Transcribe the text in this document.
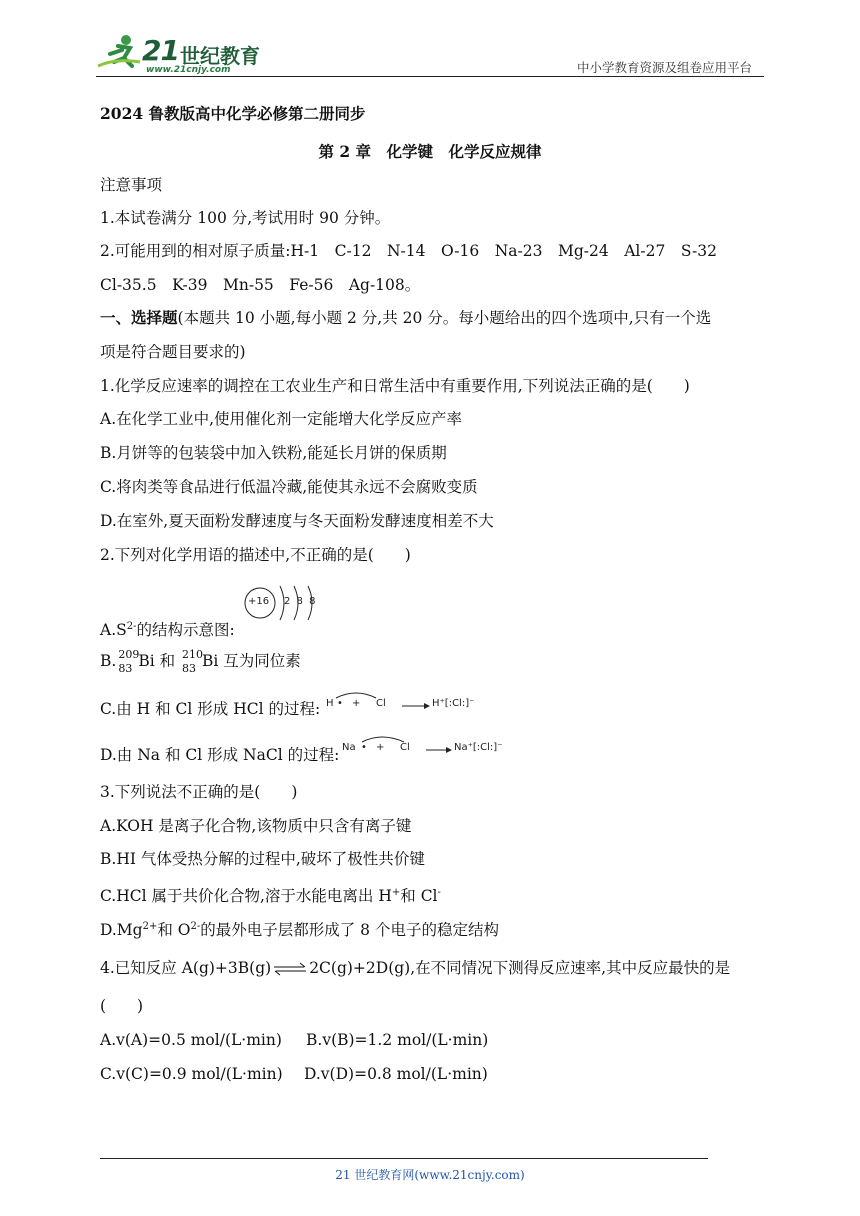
21 世纪教育
www.21cnjy.com	中小学教育资源及组卷应用平台
2024 鲁教版高中化学必修第二册同步
第 2 章　化学键　化学反应规律
注意事项
1.本试卷满分 100 分,考试用时 90 分钟。
2.可能用到的相对原子质量:H-1　C-12　N-14　O-16　Na-23　Mg-24　Al-27　S-32
Cl-35.5　K-39　Mn-55　Fe-56　Ag-108。
一、选择题(本题共 10 小题,每小题 2 分,共 20 分。每小题给出的四个选项中,只有一个选
项是符合题目要求的)
1.化学反应速率的调控在工农业生产和日常生活中有重要作用,下列说法正确的是(　　)
A.在化学工业中,使用催化剂一定能增大化学反应产率
B.月饼等的包装袋中加入铁粉,能延长月饼的保质期
C.将肉类等食品进行低温冷藏,能使其永远不会腐败变质
D.在室外,夏天面粉发酵速度与冬天面粉发酵速度相差不大
2.下列对化学用语的描述中,不正确的是(　　)
$A.S^{2-}$的结构示意图:
+16 2 8 8
B. 209
83 Bi 和 210
83 Bi 互为同位素
C.由 H 和 Cl 形成 HCl 的过程: H • + Cl	H⁺[:Cl:]⁻
D.由 Na 和 Cl 形成 NaCl 的过程: Na • + Cl	Na⁺[:Cl:]⁻
3.下列说法不正确的是(　　)
A.KOH 是离子化合物,该物质中只含有离子键
B.HI 气体受热分解的过程中,破坏了极性共价键
C.HCl 属于共价化合物,溶于水能电离出 H+和 Cl-
$D.Mg^{2+}$和 $O^{2-}$的最外电子层都形成了 8 个电子的稳定结构
4.已知反应 A(g)+3B(g)⇌2C(g)+2D(g),在不同情况下测得反应速率,其中反应最快的是
(　　)
A.v(A)=0.5 mol/(L·min) B.v(B)=1.2 mol/(L·min)
C.v(C)=0.9 mol/(L·min) D.v(D)=0.8 mol/(L·min)
21 世纪教育网(www.21cnjy.com)
